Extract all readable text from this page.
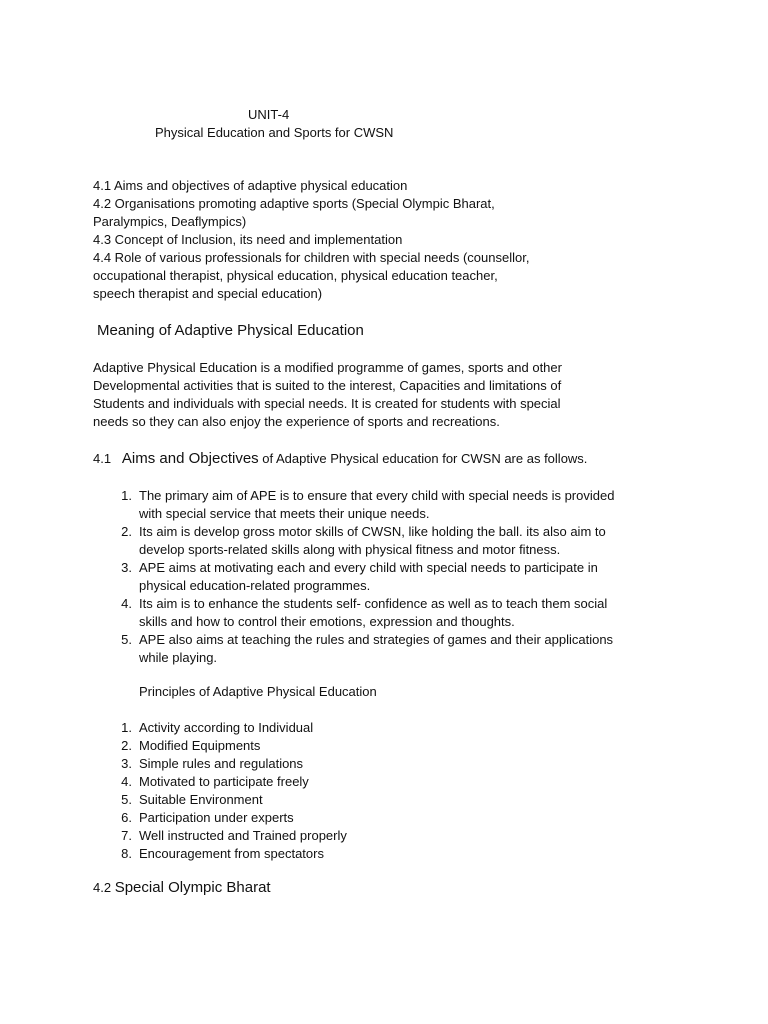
UNIT-4
Physical Education and Sports for CWSN
4.1 Aims and objectives of adaptive physical education
4.2 Organisations promoting adaptive sports (Special Olympic Bharat,
Paralympics, Deaflympics)
4.3 Concept of Inclusion, its need and implementation
4.4 Role of various professionals for children with special needs (counsellor,
occupational therapist, physical education, physical education teacher,
speech therapist and special education)
Meaning of Adaptive Physical Education

Adaptive Physical Education is a modified programme of games, sports and other
Developmental activities that is suited to the interest, Capacities and limitations of
Students and individuals with special needs. It is created for students with special
needs so they can also enjoy the experience of sports and recreations.

4.1 Aims and Objectives of Adaptive Physical education for CWSN are as follows.

1. The primary aim of APE is to ensure that every child with special needs is provided
with special service that meets their unique needs.
2. Its aim is develop gross motor skills of CWSN, like holding the ball. its also aim to
develop sports-related skills along with physical fitness and motor fitness.
3. APE aims at motivating each and every child with special needs to participate in
physical education-related programmes.
4. Its aim is to enhance the students self- confidence as well as to teach them social
skills and how to control their emotions, expression and thoughts.
5. APE also aims at teaching the rules and strategies of games and their applications
while playing.

Principles of Adaptive Physical Education

1. Activity according to Individual
2. Modified Equipments
3. Simple rules and regulations
4. Motivated to participate freely
5. Suitable Environment
6. Participation under experts
7. Well instructed and Trained properly
8. Encouragement from spectators
4.2 Special Olympic Bharat
